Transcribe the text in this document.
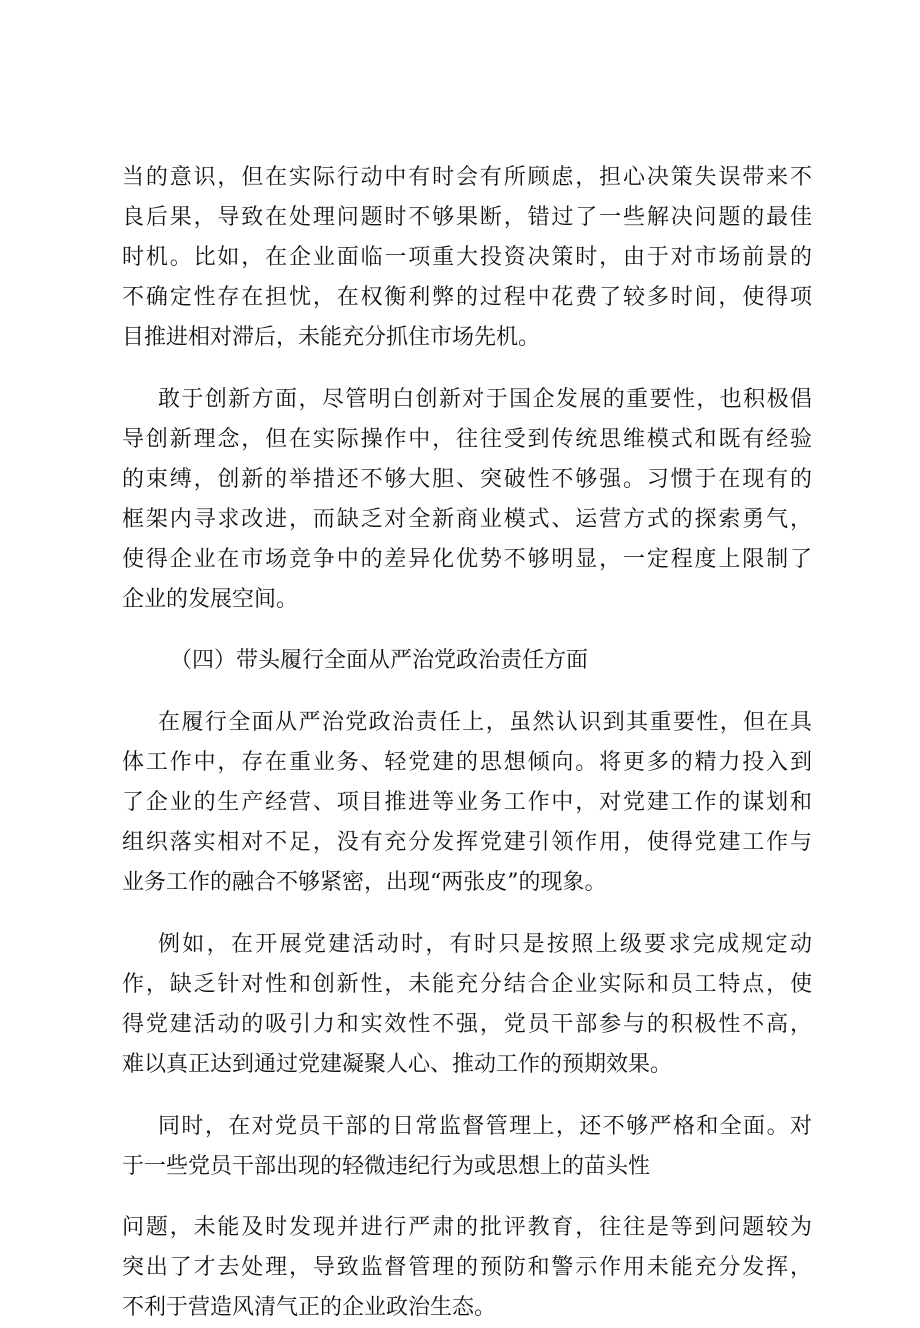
当的意识，但在实际行动中有时会有所顾虑，担心决策失误带来不

良后果，导致在处理问题时不够果断，错过了一些解决问题的最佳

时机。比如，在企业面临一项重大投资决策时，由于对市场前景的

不确定性存在担忧，在权衡利弊的过程中花费了较多时间，使得项

目推进相对滞后，未能充分抓住市场先机。

敢于创新方面，尽管明白创新对于国企发展的重要性，也积极倡

导创新理念，但在实际操作中，往往受到传统思维模式和既有经验

的束缚，创新的举措还不够大胆、突破性不够强。习惯于在现有的

框架内寻求改进，而缺乏对全新商业模式、运营方式的探索勇气，

使得企业在市场竞争中的差异化优势不够明显，一定程度上限制了

企业的发展空间。

（四）带头履行全面从严治党政治责任方面

在履行全面从严治党政治责任上，虽然认识到其重要性，但在具

体工作中，存在重业务、轻党建的思想倾向。将更多的精力投入到

了企业的生产经营、项目推进等业务工作中，对党建工作的谋划和

组织落实相对不足，没有充分发挥党建引领作用，使得党建工作与

业务工作的融合不够紧密，出现“两张皮”的现象。

例如，在开展党建活动时，有时只是按照上级要求完成规定动

作，缺乏针对性和创新性，未能充分结合企业实际和员工特点，使

得党建活动的吸引力和实效性不强，党员干部参与的积极性不高，

难以真正达到通过党建凝聚人心、推动工作的预期效果。

同时，在对党员干部的日常监督管理上，还不够严格和全面。对

于一些党员干部出现的轻微违纪行为或思想上的苗头性

问题，未能及时发现并进行严肃的批评教育，往往是等到问题较为

突出了才去处理，导致监督管理的预防和警示作用未能充分发挥，

不利于营造风清气正的企业政治生态。
